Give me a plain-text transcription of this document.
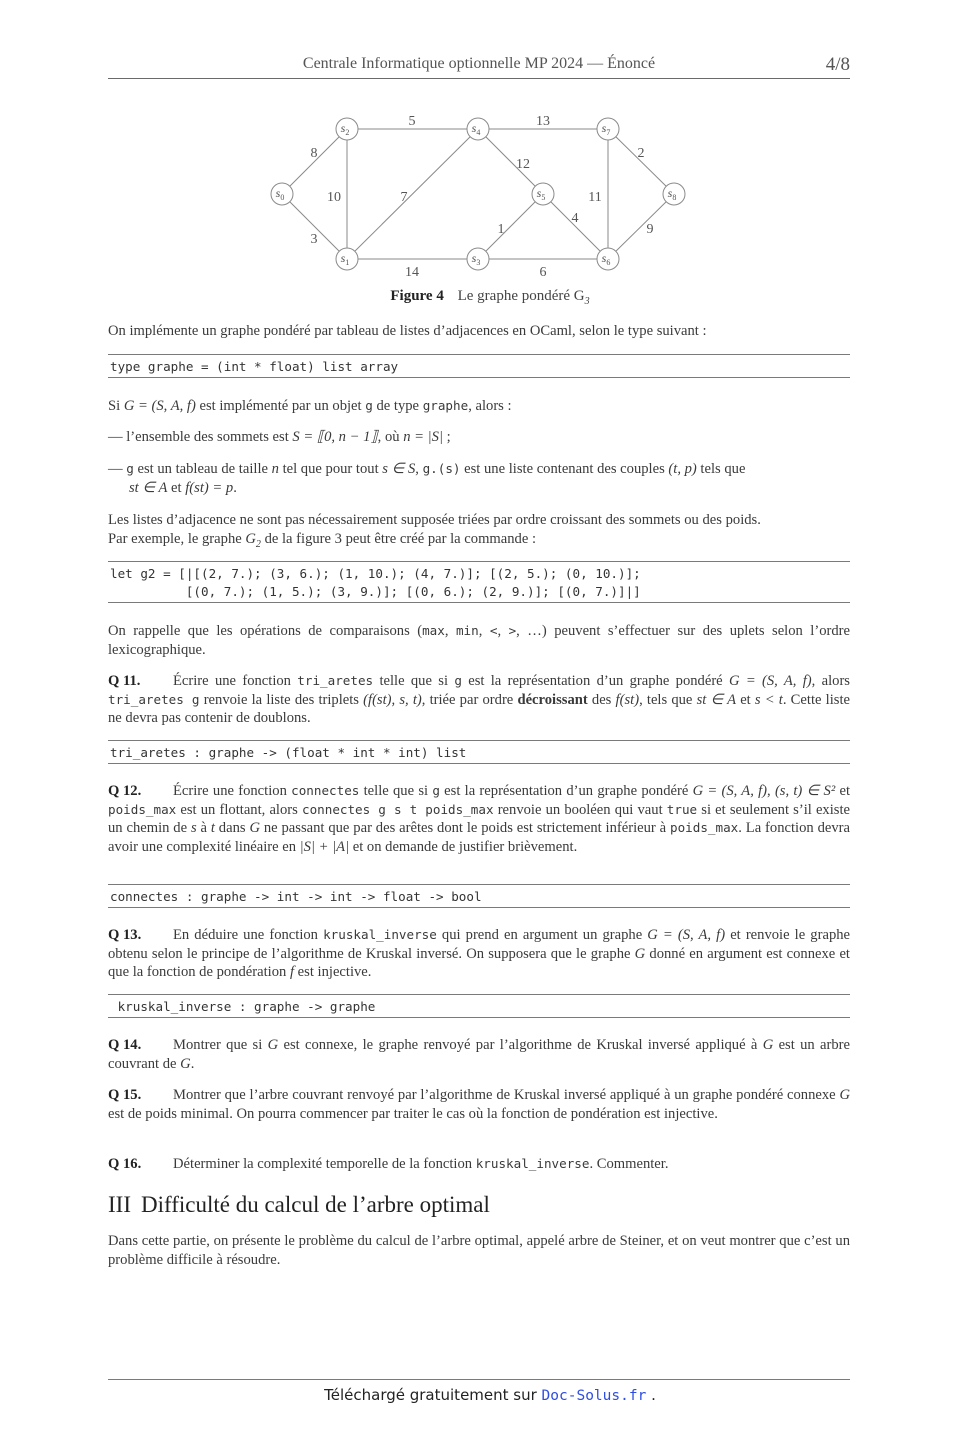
Centrale Informatique optionnelle MP 2024 — Énoncé	4/8
8
3
10
5
7
14
13
12
1
6
4
11
2
9
$s_0$
$s_1$
$s_2$
$s_3$
$s_4$
$s_5$
$s_6$
$s_7$
$s_8$
Figure 4 Le graphe pondéré $G_3$
On implémente un graphe pondéré par tableau de listes d’adjacences en OCaml, selon le type suivant :
type graphe = (int * float) list array
Si G = (S, A, f) est implémenté par un objet g de type graphe, alors :
— l’ensemble des sommets est S = ⟦0, n − 1⟧, où n = |S| ;
— g est un tableau de taille n tel que pour tout s ∈ S, g.(s) est une liste contenant des couples (t, p) tels que
st ∈ A et f(st) = p.
Les listes d’adjacence ne sont pas nécessairement supposée triées par ordre croissant des sommets ou des poids.
Par exemple, le graphe $G_2$ de la figure 3 peut être créé par la commande :
let g2 = [|[(2, 7.); (3, 6.); (1, 10.); (4, 7.)]; [(2, 5.); (0, 10.)];
[(0, 7.); (1, 5.); (3, 9.)]; [(0, 6.); (2, 9.)]; [(0, 7.)]|]
On rappelle que les opérations de comparaisons (max, min, <, >, …) peuvent s’effectuer sur des uplets selon l’ordre lexicographique.
Q 11. Écrire une fonction tri_aretes telle que si g est la représentation d’un graphe pondéré G = (S, A, f), alors tri_aretes g renvoie la liste des triplets (f(st), s, t), triée par ordre décroissant des f(st), tels que st ∈ A et s < t. Cette liste ne devra pas contenir de doublons.
tri_aretes : graphe -> (float * int * int) list
Q 12. Écrire une fonction connectes telle que si g est la représentation d’un graphe pondéré G = (S, A, f), (s, t) ∈ S² et poids_max est un flottant, alors connectes g s t poids_max renvoie un booléen qui vaut true si et seulement s’il existe un chemin de s à t dans G ne passant que par des arêtes dont le poids est strictement inférieur à poids_max. La fonction devra avoir une complexité linéaire en |S| + |A| et on demande de justifier brièvement.
connectes : graphe -> int -> int -> float -> bool
Q 13. En déduire une fonction kruskal_inverse qui prend en argument un graphe G = (S, A, f) et renvoie le graphe obtenu selon le principe de l’algorithme de Kruskal inversé. On supposera que le graphe G donné en argument est connexe et que la fonction de pondération f est injective.
kruskal_inverse : graphe -> graphe
Q 14. Montrer que si G est connexe, le graphe renvoyé par l’algorithme de Kruskal inversé appliqué à G est un arbre couvrant de G.
Q 15. Montrer que l’arbre couvrant renvoyé par l’algorithme de Kruskal inversé appliqué à un graphe pondéré connexe G est de poids minimal. On pourra commencer par traiter le cas où la fonction de pondération est injective.
Q 16. Déterminer la complexité temporelle de la fonction kruskal_inverse. Commenter.
III Difficulté du calcul de l’arbre optimal
Dans cette partie, on présente le problème du calcul de l’arbre optimal, appelé arbre de Steiner, et on veut montrer que c’est un problème difficile à résoudre.
Téléchargé gratuitement sur Doc-Solus.fr .
